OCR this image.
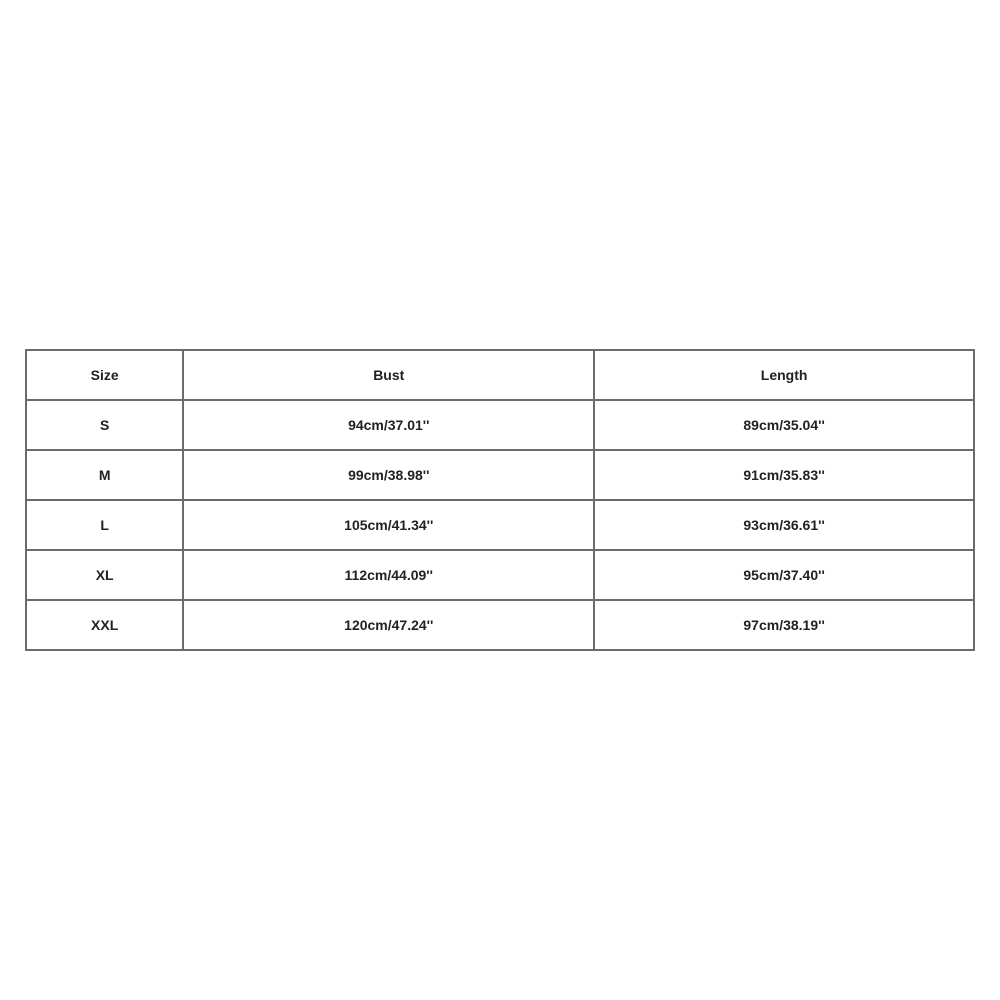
Size	Bust	Length
S	94cm/37.01''	89cm/35.04''
M	99cm/38.98''	91cm/35.83''
L	105cm/41.34''	93cm/36.61''
XL	112cm/44.09''	95cm/37.40''
XXL	120cm/47.24''	97cm/38.19''
